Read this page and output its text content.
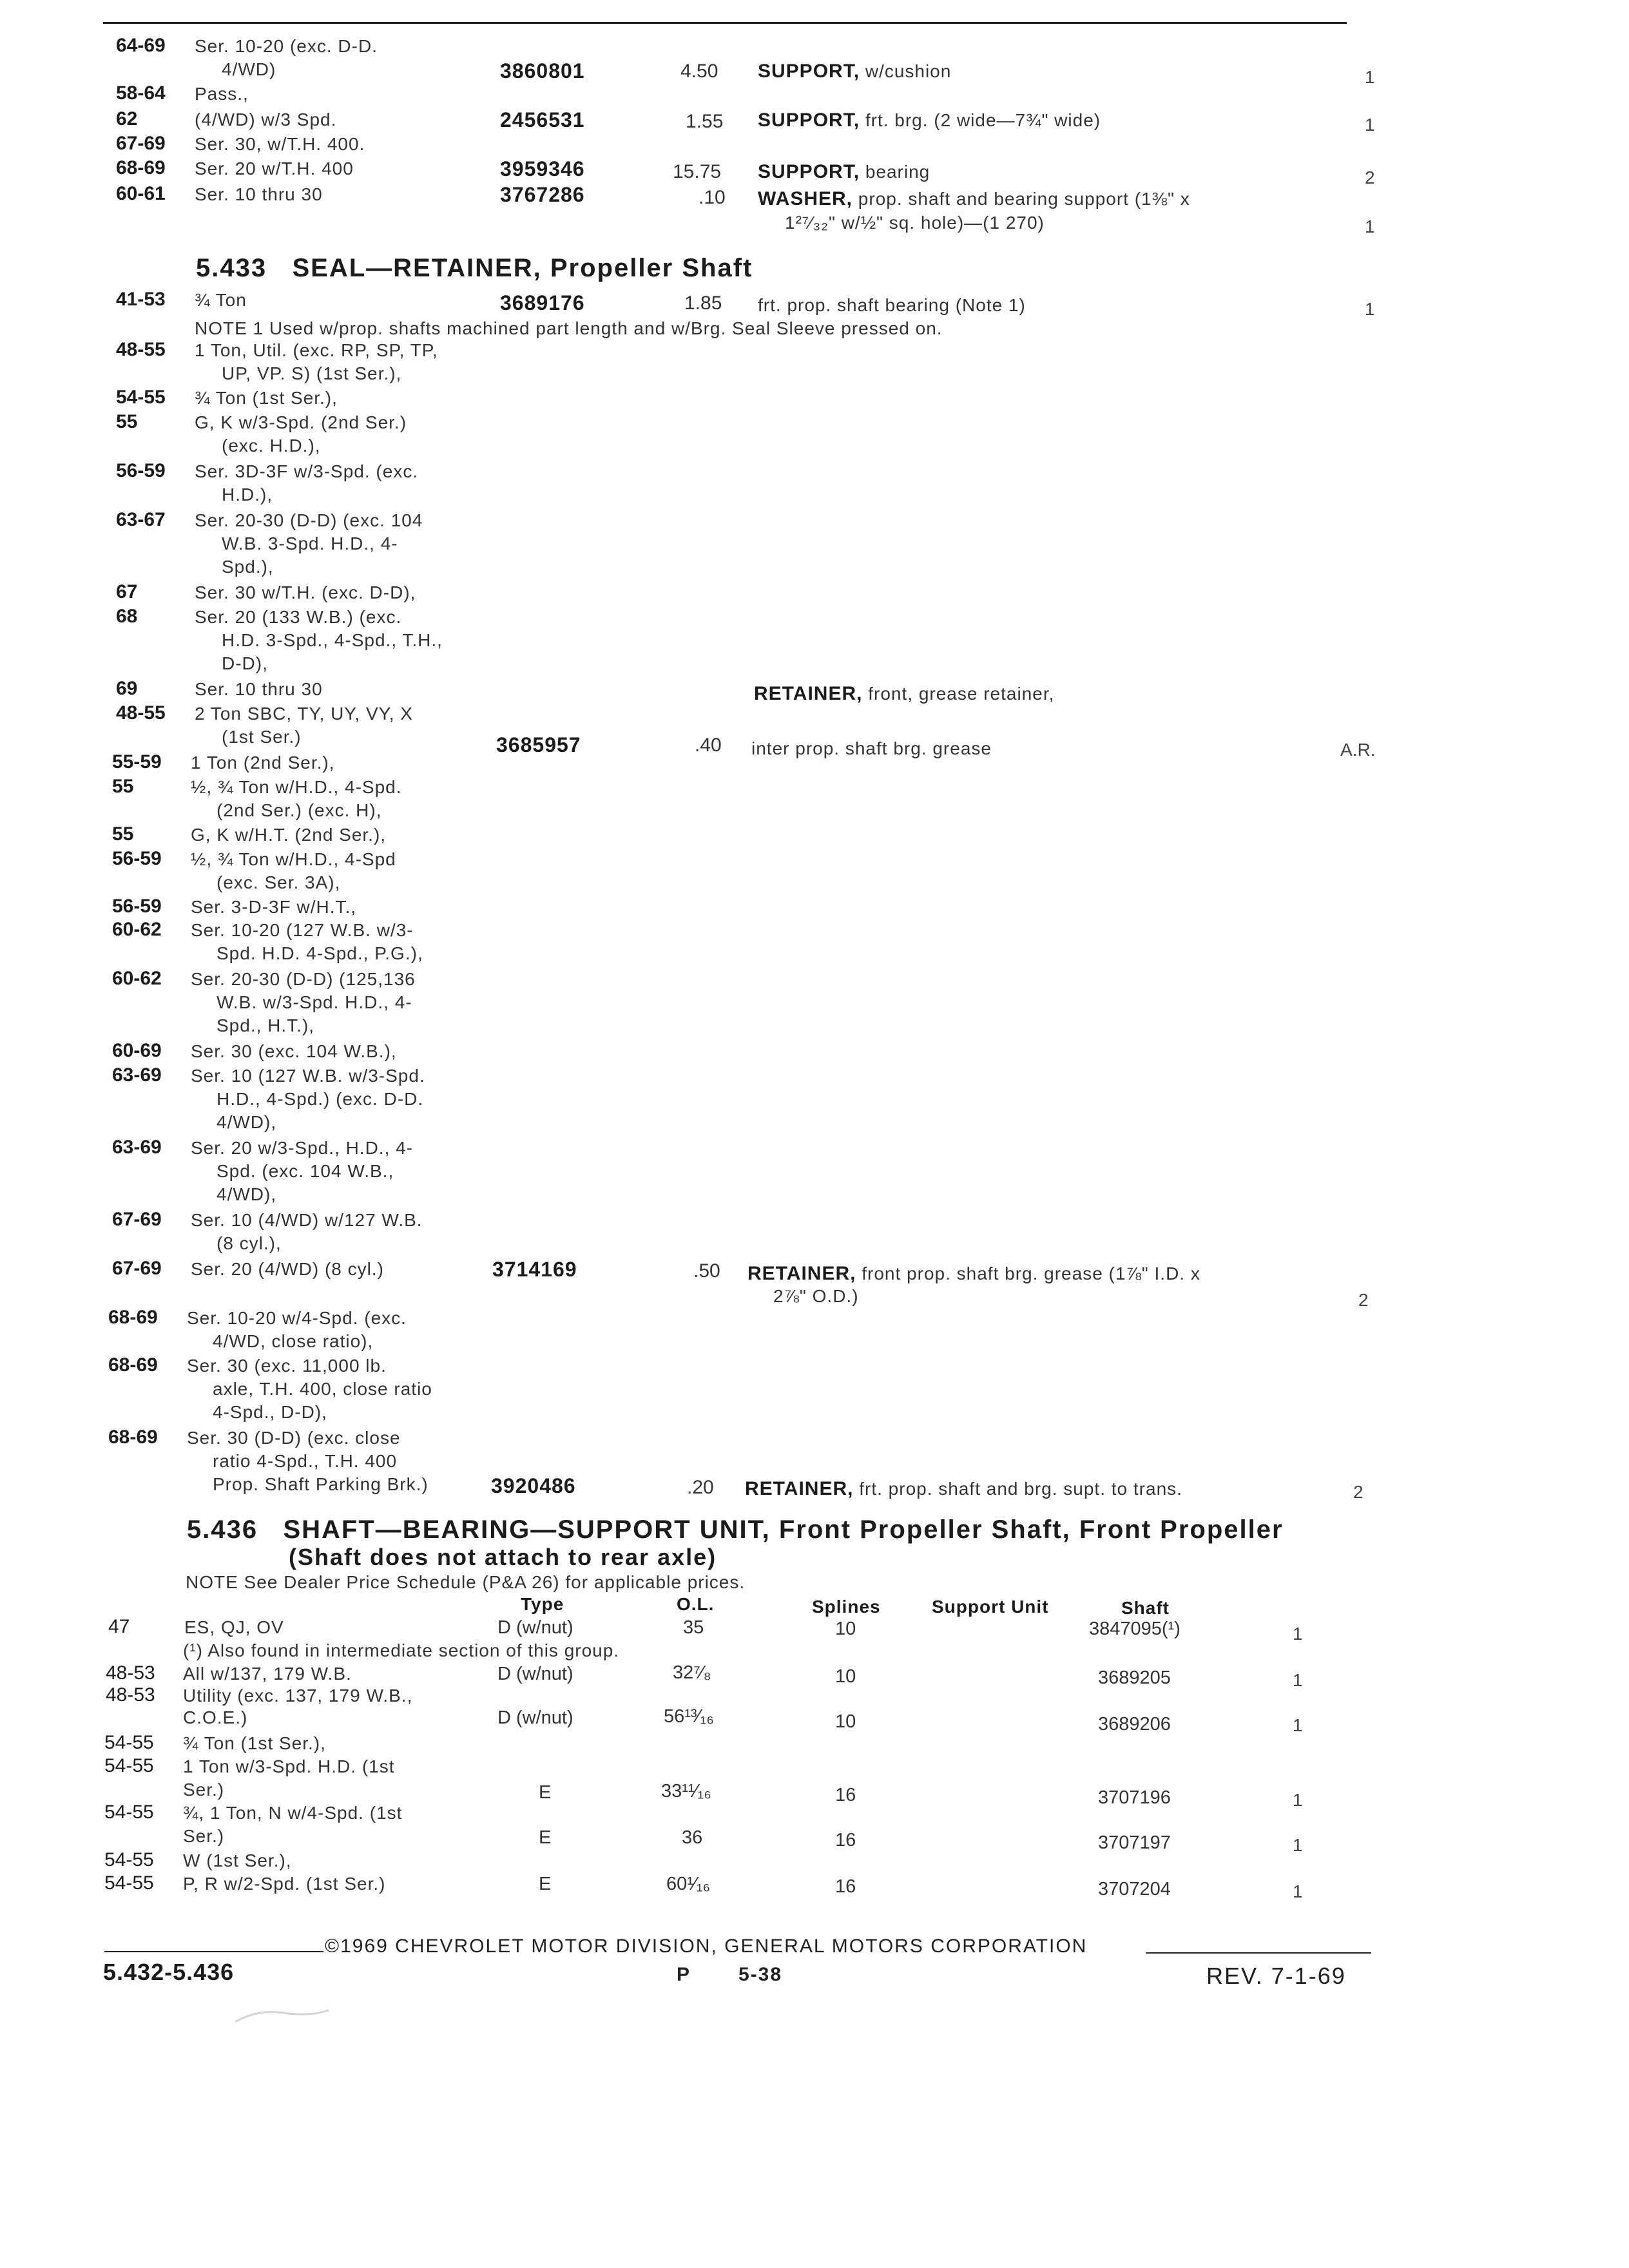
64-69 Ser. 10-20 (exc. D-D.
4/WD)	3860801	4.50 SUPPORT, w/cushion	1
58-64 Pass.,
62	(4/WD) w/3 Spd.	2456531	1.55 SUPPORT, frt. brg. (2 wide—7¾" wide)	1
67-69 Ser. 30, w/T.H. 400.
68-69 Ser. 20 w/T.H. 400	3959346	15.75 SUPPORT, bearing	2
60-61 Ser. 10 thru 30	3767286	.10 WASHER, prop. shaft and bearing support (1⅜" x
1²⁷⁄₃₂" w/½" sq. hole)—(1 270)	1
5.433 SEAL—RETAINER, Propeller Shaft
41-53 ¾ Ton	3689176	1.85 frt. prop. shaft bearing (Note 1)	1
NOTE 1 Used w/prop. shafts machined part length and w/Brg. Seal Sleeve pressed on.
48-55 1 Ton, Util. (exc. RP, SP, TP,
UP, VP. S) (1st Ser.),
54-55 ¾ Ton (1st Ser.),
55	G, K w/3-Spd. (2nd Ser.)
(exc. H.D.),
56-59 Ser. 3D-3F w/3-Spd. (exc.
H.D.),
63-67 Ser. 20-30 (D-D) (exc. 104
W.B. 3-Spd. H.D., 4-
Spd.),
67	Ser. 30 w/T.H. (exc. D-D),
68	Ser. 20 (133 W.B.) (exc.
H.D. 3-Spd., 4-Spd., T.H.,
D-D),
69	Ser. 10 thru 30	RETAINER, front, grease retainer,
48-55 2 Ton SBC, TY, UY, VY, X
(1st Ser.)	3685957	.40 inter prop. shaft brg. grease	A.R.
55-59 1 Ton (2nd Ser.),
55	½, ¾ Ton w/H.D., 4-Spd.
(2nd Ser.) (exc. H),
55	G, K w/H.T. (2nd Ser.),
56-59 ½, ¾ Ton w/H.D., 4-Spd
(exc. Ser. 3A),
56-59 Ser. 3-D-3F w/H.T.,
60-62 Ser. 10-20 (127 W.B. w/3-
Spd. H.D. 4-Spd., P.G.),
60-62 Ser. 20-30 (D-D) (125,136
W.B. w/3-Spd. H.D., 4-
Spd., H.T.),
60-69 Ser. 30 (exc. 104 W.B.),
63-69 Ser. 10 (127 W.B. w/3-Spd.
H.D., 4-Spd.) (exc. D-D.
4/WD),
63-69 Ser. 20 w/3-Spd., H.D., 4-
Spd. (exc. 104 W.B.,
4/WD),
67-69 Ser. 10 (4/WD) w/127 W.B.
(8 cyl.),
67-69 Ser. 20 (4/WD) (8 cyl.)	3714169	.50 RETAINER, front prop. shaft brg. grease (1⅞" I.D. x
2⅞" O.D.)	2
68-69 Ser. 10-20 w/4-Spd. (exc.
4/WD, close ratio),
68-69 Ser. 30 (exc. 11,000 lb.
axle, T.H. 400, close ratio
4-Spd., D-D),
68-69 Ser. 30 (D-D) (exc. close
ratio 4-Spd., T.H. 400
Prop. Shaft Parking Brk.)	3920486	.20 RETAINER, frt. prop. shaft and brg. supt. to trans.	2
5.436 SHAFT—BEARING—SUPPORT UNIT, Front Propeller Shaft, Front Propeller
(Shaft does not attach to rear axle)
NOTE See Dealer Price Schedule (P&A 26) for applicable prices.
Type	O.L.	Splines	Support Unit	Shaft
47	ES, QJ, OV	D (w/nut)	35	10	3847095(¹)	1
(¹) Also found in intermediate section of this group.
48-53 All w/137, 179 W.B.	D (w/nut)	32⁷⁄₈	10	3689205	1
48-53 Utility (exc. 137, 179 W.B.,
C.O.E.)	D (w/nut)	56¹³⁄₁₆	10	3689206	1
54-55 ¾ Ton (1st Ser.),
54-55 1 Ton w/3-Spd. H.D. (1st
Ser.)	E	33¹¹⁄₁₆	16	3707196	1
54-55 ¾, 1 Ton, N w/4-Spd. (1st
Ser.)	E	36	16	3707197	1
54-55 W (1st Ser.),
54-55 P, R w/2-Spd. (1st Ser.)	E	60¹⁄₁₆	16	3707204	1
©1969 CHEVROLET MOTOR DIVISION, GENERAL MOTORS CORPORATION
5.432-5.436	P 5-38	REV. 7-1-69
